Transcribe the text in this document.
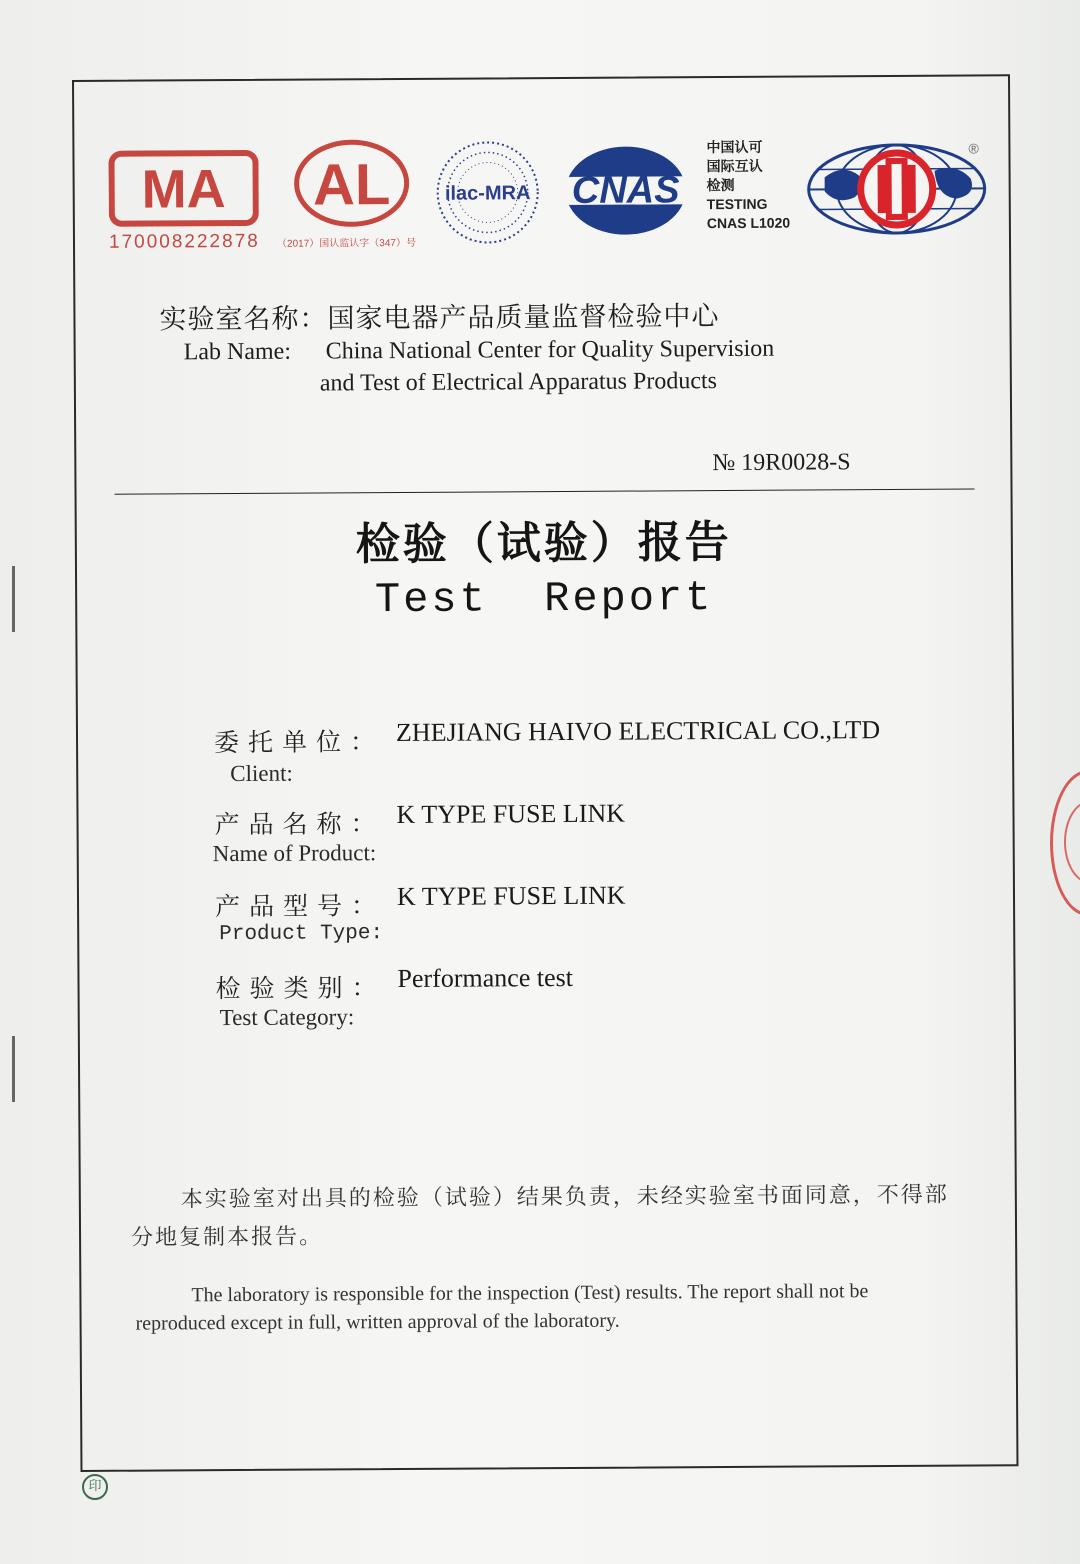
MA
170008222878
AL
（2017）国认监认字（347）号
ilac-MRA CNAS
中国认可
国际互认
检测
TESTING
CNAS L1020
®
实验室名称：国家电器产品质量监督检验中心
Lab Name: China National Center for Quality Supervision
and Test of Electrical Apparatus Products
№ 19R0028-S
检验（试验）报告
Test  Report
委托单位： ZHEJIANG HAIVO ELECTRICAL CO.,LTD
Client:
产品名称： K TYPE FUSE LINK
Name of Product:
产品型号： K TYPE FUSE LINK
Product Type:
检验类别： Performance test
Test Category:
本实验室对出具的检验（试验）结果负责，未经实验室书面同意，不得部分地复制本报告。
The laboratory is responsible for the inspection (Test) results. The report shall not be reproduced except in full, written approval of the laboratory.
印
